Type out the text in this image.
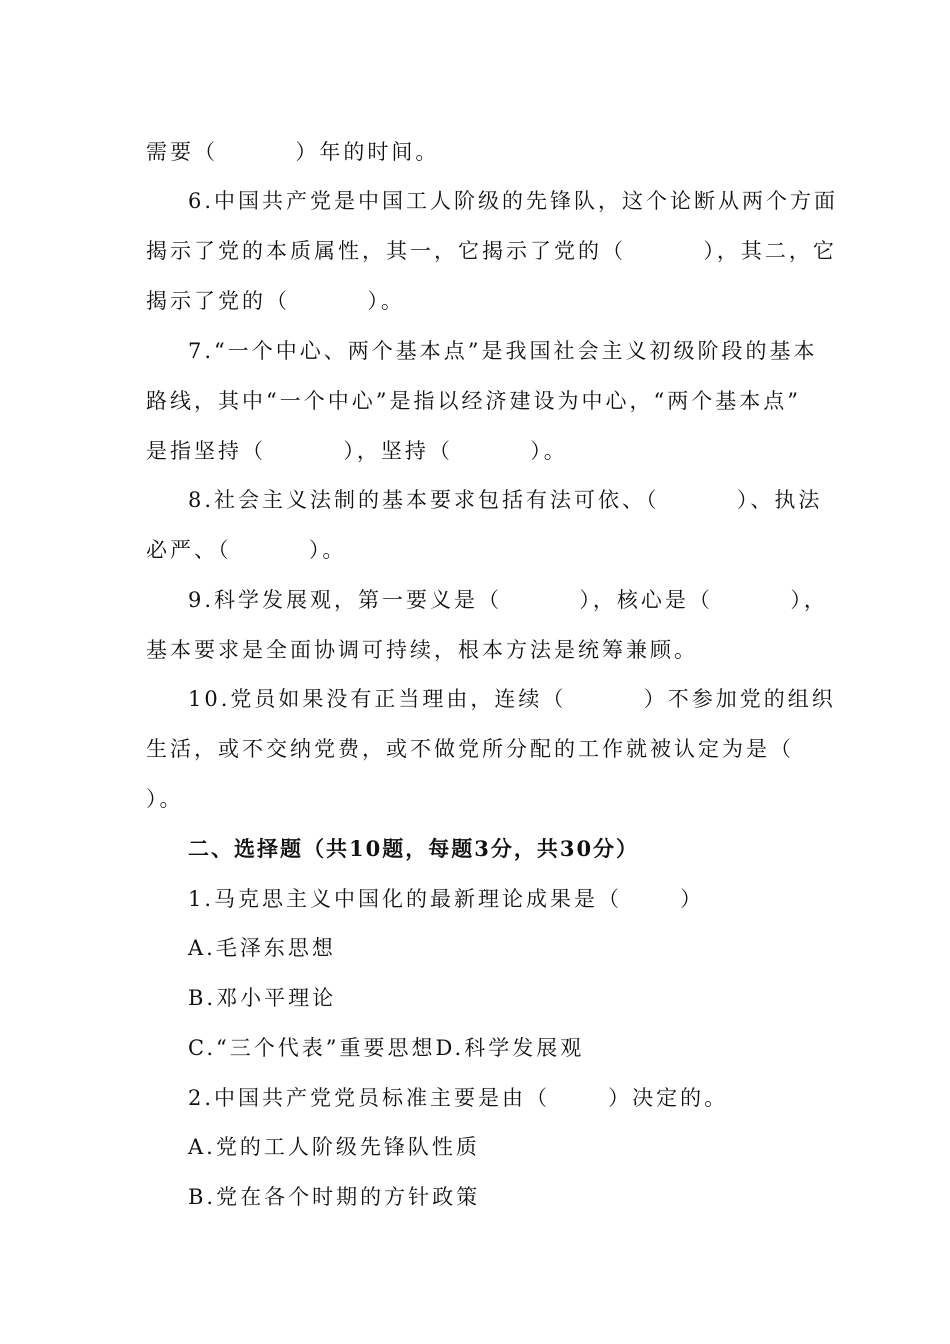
需要（        ）年的时间。
6.中国共产党是中国工人阶级的先锋队，这个论断从两个方面
揭示了党的本质属性，其一，它揭示了党的（        ），其二，它
揭示了党的（        ）。
7.“一个中心、两个基本点”是我国社会主义初级阶段的基本
路线，其中“一个中心”是指以经济建设为中心，“两个基本点”
是指坚持（        ），坚持（        ）。
8.社会主义法制的基本要求包括有法可依、（        ）、执法
必严、（        ）。
9.科学发展观，第一要义是（        ），核心是（        ），
基本要求是全面协调可持续，根本方法是统筹兼顾。
10.党员如果没有正当理由，连续（        ）不参加党的组织
生活，或不交纳党费，或不做党所分配的工作就被认定为是（
）。
二、选择题（共10题，每题3分，共30分）
1.马克思主义中国化的最新理论成果是（      ）
A.毛泽东思想
B.邓小平理论
C.“三个代表”重要思想D.科学发展观
2.中国共产党党员标准主要是由（      ）决定的。
A.党的工人阶级先锋队性质
B.党在各个时期的方针政策
